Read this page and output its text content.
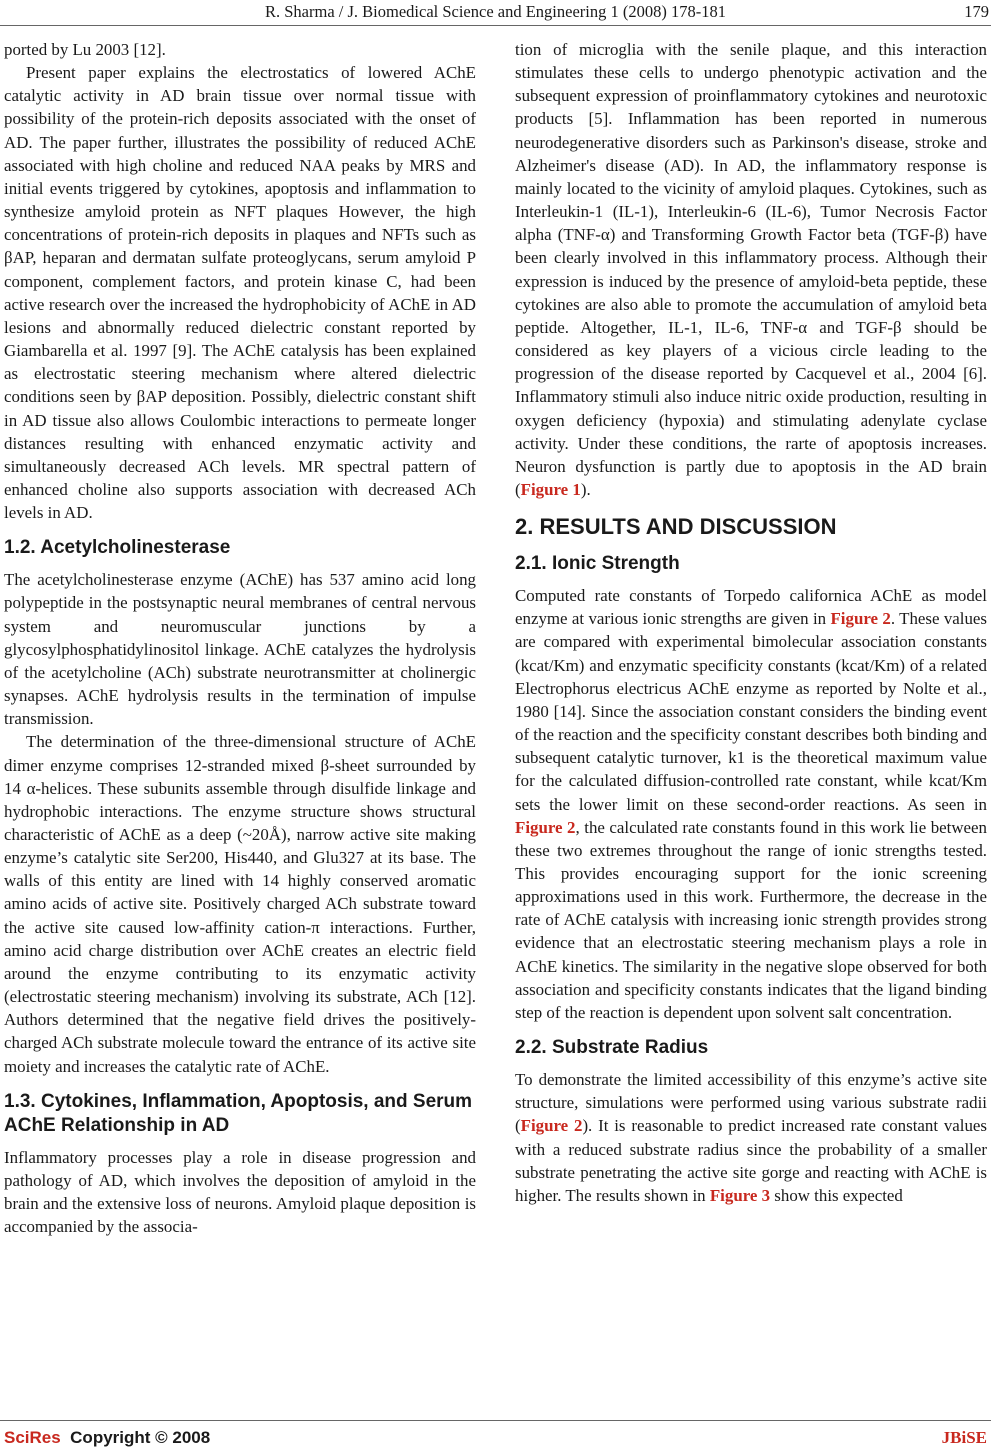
R. Sharma / J. Biomedical Science and Engineering 1 (2008) 178-181	179

ported by Lu 2003 [12].

Present paper explains the electrostatics of lowered AChE catalytic activity in AD brain tissue over normal tissue with possibility of the protein-rich deposits associated with the onset of AD. The paper further, illustrates the possibility of reduced AChE associated with high choline and reduced NAA peaks by MRS and initial events triggered by cytokines, apoptosis and inflammation to synthesize amyloid protein as NFT plaques However, the high concentrations of protein-rich deposits in plaques and NFTs such as βAP, heparan and dermatan sulfate proteoglycans, serum amyloid P component, complement factors, and protein kinase C, had been active research over the increased the hydrophobicity of AChE in AD lesions and abnormally reduced dielectric constant reported by Giambarella et al. 1997 [9]. The AChE catalysis has been explained as electrostatic steering mechanism where altered dielectric conditions seen by βAP deposition. Possibly, dielectric constant shift in AD tissue also allows Coulombic interactions to permeate longer distances resulting with enhanced enzymatic activity and simultaneously decreased ACh levels. MR spectral pattern of enhanced choline also supports association with decreased ACh levels in AD.

1.2. Acetylcholinesterase

The acetylcholinesterase enzyme (AChE) has 537 amino acid long polypeptide in the postsynaptic neural membranes of central nervous system and neuromuscular junctions by a glycosylphosphatidylinositol linkage. AChE catalyzes the hydrolysis of the acetylcholine (ACh) substrate neurotransmitter at cholinergic synapses. AChE hydrolysis results in the termination of impulse transmission.

The determination of the three-dimensional structure of AChE dimer enzyme comprises 12-stranded mixed β-sheet surrounded by 14 α-helices. These subunits assemble through disulfide linkage and hydrophobic interactions. The enzyme structure shows structural characteristic of AChE as a deep (~20Å), narrow active site making enzyme’s catalytic site Ser200, His440, and Glu327 at its base. The walls of this entity are lined with 14 highly conserved aromatic amino acids of active site. Positively charged ACh substrate toward the active site caused low-affinity cation-π interactions. Further, amino acid charge distribution over AChE creates an electric field around the enzyme contributing to its enzymatic activity (electrostatic steering mechanism) involving its substrate, ACh [12]. Authors determined that the negative field drives the positively-charged ACh substrate molecule toward the entrance of its active site moiety and increases the catalytic rate of AChE.

1.3. Cytokines, Inflammation, Apoptosis, and Serum AChE Relationship in AD

Inflammatory processes play a role in disease progression and pathology of AD, which involves the deposition of amyloid in the brain and the extensive loss of neurons. Amyloid plaque deposition is accompanied by the associa-

tion of microglia with the senile plaque, and this interaction stimulates these cells to undergo phenotypic activation and the subsequent expression of proinflammatory cytokines and neurotoxic products [5]. Inflammation has been reported in numerous neurodegenerative disorders such as Parkinson's disease, stroke and Alzheimer's disease (AD). In AD, the inflammatory response is mainly located to the vicinity of amyloid plaques. Cytokines, such as Interleukin-1 (IL-1), Interleukin-6 (IL-6), Tumor Necrosis Factor alpha (TNF-α) and Transforming Growth Factor beta (TGF-β) have been clearly involved in this inflammatory process. Although their expression is induced by the presence of amyloid-beta peptide, these cytokines are also able to promote the accumulation of amyloid beta peptide. Altogether, IL-1, IL-6, TNF-α and TGF-β should be considered as key players of a vicious circle leading to the progression of the disease reported by Cacquevel et al., 2004 [6]. Inflammatory stimuli also induce nitric oxide production, resulting in oxygen deficiency (hypoxia) and stimulating adenylate cyclase activity. Under these conditions, the rarte of apoptosis increases. Neuron dysfunction is partly due to apoptosis in the AD brain (Figure 1).

2. RESULTS AND DISCUSSION
2.1. Ionic Strength

Computed rate constants of Torpedo californica AChE as model enzyme at various ionic strengths are given in Figure 2. These values are compared with experimental bimolecular association constants (kcat/Km) and enzymatic specificity constants (kcat/Km) of a related Electrophorus electricus AChE enzyme as reported by Nolte et al., 1980 [14]. Since the association constant considers the binding event of the reaction and the specificity constant describes both binding and subsequent catalytic turnover, k1 is the theoretical maximum value for the calculated diffusion-controlled rate constant, while kcat/Km sets the lower limit on these second-order reactions. As seen in Figure 2, the calculated rate constants found in this work lie between these two extremes throughout the range of ionic strengths tested. This provides encouraging support for the ionic screening approximations used in this work. Furthermore, the decrease in the rate of AChE catalysis with increasing ionic strength provides strong evidence that an electrostatic steering mechanism plays a role in AChE kinetics. The similarity in the negative slope observed for both association and specificity constants indicates that the ligand binding step of the reaction is dependent upon solvent salt concentration.

2.2. Substrate Radius

To demonstrate the limited accessibility of this enzyme’s active site structure, simulations were performed using various substrate radii (Figure 2). It is reasonable to predict increased rate constant values with a reduced substrate radius since the probability of a smaller substrate penetrating the active site gorge and reacting with AChE is higher. The results shown in Figure 3 show this expected

SciRes Copyright © 2008	JBiSE
